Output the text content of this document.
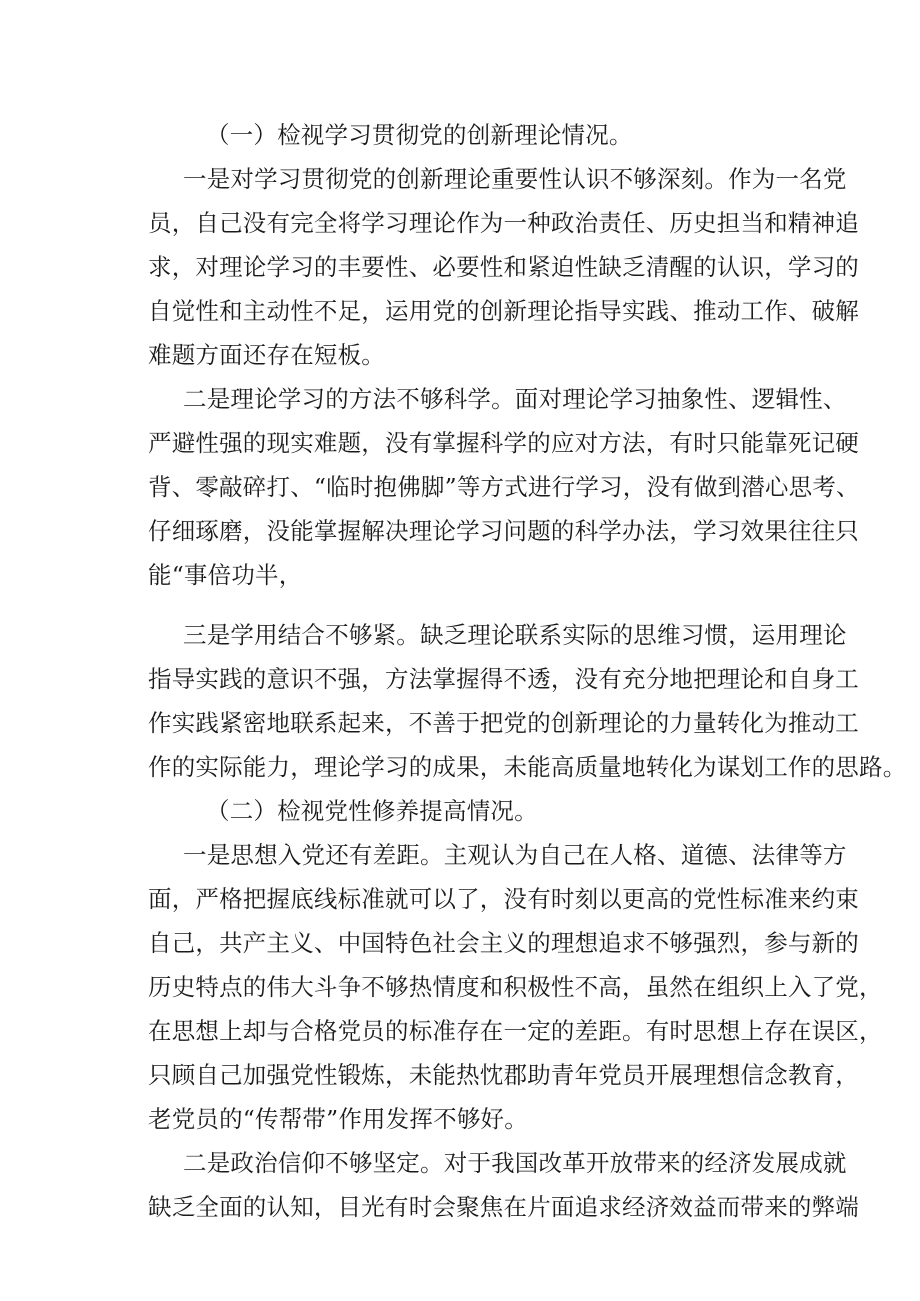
（一）检视学习贯彻党的创新理论情况。
一是对学习贯彻党的创新理论重要性认识不够深刻。作为一名党
员，自己没有完全将学习理论作为一种政治责任、历史担当和精神追
求，对理论学习的丰要性、必要性和紧迫性缺乏清醒的认识，学习的
自觉性和主动性不足，运用党的创新理论指导实践、推动工作、破解
难题方面还存在短板。
二是理论学习的方法不够科学。面对理论学习抽象性、逻辑性、
严避性强的现实难题，没有掌握科学的应对方法，有时只能靠死记硬
背、零敲碎打、“临时抱佛脚”等方式进行学习，没有做到潜心思考、
仔细琢磨，没能掌握解决理论学习问题的科学办法，学习效果往往只
能“事倍功半，
三是学用结合不够紧。缺乏理论联系实际的思维习惯，运用理论
指导实践的意识不强，方法掌握得不透，没有充分地把理论和自身工
作实践紧密地联系起来，不善于把党的创新理论的力量转化为推动工
作的实际能力，理论学习的成果，未能高质量地转化为谋划工作的思路。
（二）检视党性修养提高情况。
一是思想入党还有差距。主观认为自己在人格、道德、法律等方
面，严格把握底线标准就可以了，没有时刻以更高的党性标准来约束
自己，共产主义、中国特色社会主义的理想追求不够强烈，参与新的
历史特点的伟大斗争不够热情度和积极性不高，虽然在组织上入了党，
在思想上却与合格党员的标准存在一定的差距。有时思想上存在误区，
只顾自己加强党性锻炼，未能热忱郡助青年党员开展理想信念教育，
老党员的“传帮带”作用发挥不够好。
二是政治信仰不够坚定。对于我国改革开放带来的经济发展成就
缺乏全面的认知，目光有时会聚焦在片面追求经济效益而带来的弊端
